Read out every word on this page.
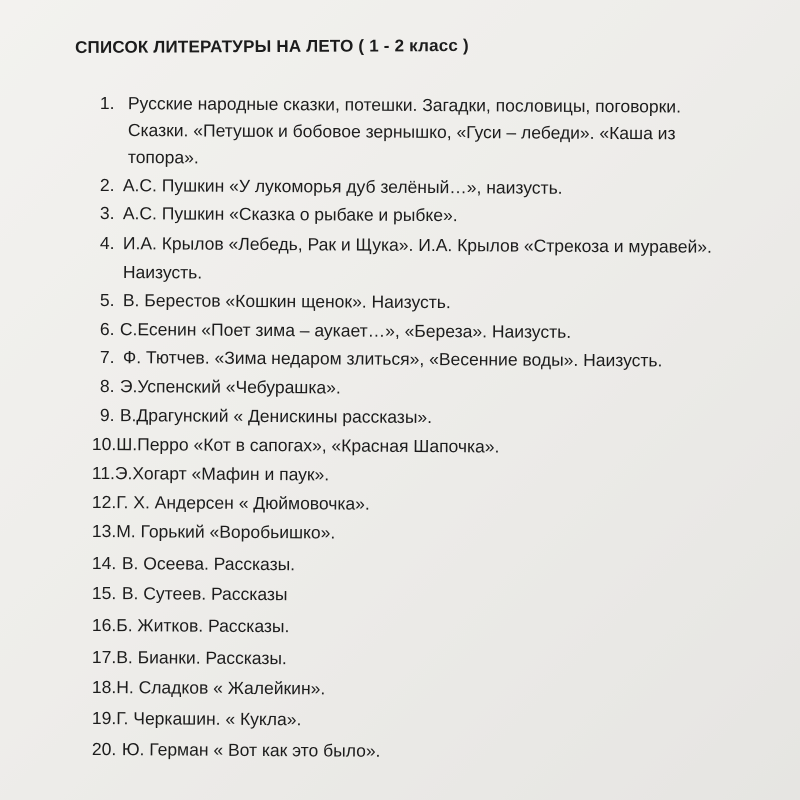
СПИСОК ЛИТЕРАТУРЫ НА ЛЕТО ( 1 - 2 класс )
1. Русские народные сказки, потешки. Загадки, пословицы, поговорки.
Сказки. «Петушок и бобовое зернышко, «Гуси – лебеди». «Каша из
топора».
2. А.С. Пушкин «У лукоморья дуб зелёный…», наизусть.
3. А.С. Пушкин «Сказка о рыбаке и рыбке».
4. И.А. Крылов «Лебедь, Рак и Щука». И.А. Крылов «Стрекоза и муравей».
Наизусть.
5. В. Берестов «Кошкин щенок». Наизусть.
6. С.Есенин «Поет зима – аукает…», «Береза». Наизусть.
7. Ф. Тютчев. «Зима недаром злиться», «Весенние воды». Наизусть.
8. Э.Успенский «Чебурашка».
9. В.Драгунский « Денискины рассказы».
10.Ш.Перро «Кот в сапогах», «Красная Шапочка».
11.Э.Хогарт «Мафин и паук».
12.Г. Х. Андерсен « Дюймовочка».
13.М. Горький «Воробьишко».
14. В. Осеева. Рассказы.
15. В. Сутеев. Рассказы
16.Б. Житков. Рассказы.
17.В. Бианки. Рассказы.
18.Н. Сладков « Жалейкин».
19.Г. Черкашин. « Кукла».
20. Ю. Герман « Вот как это было».
